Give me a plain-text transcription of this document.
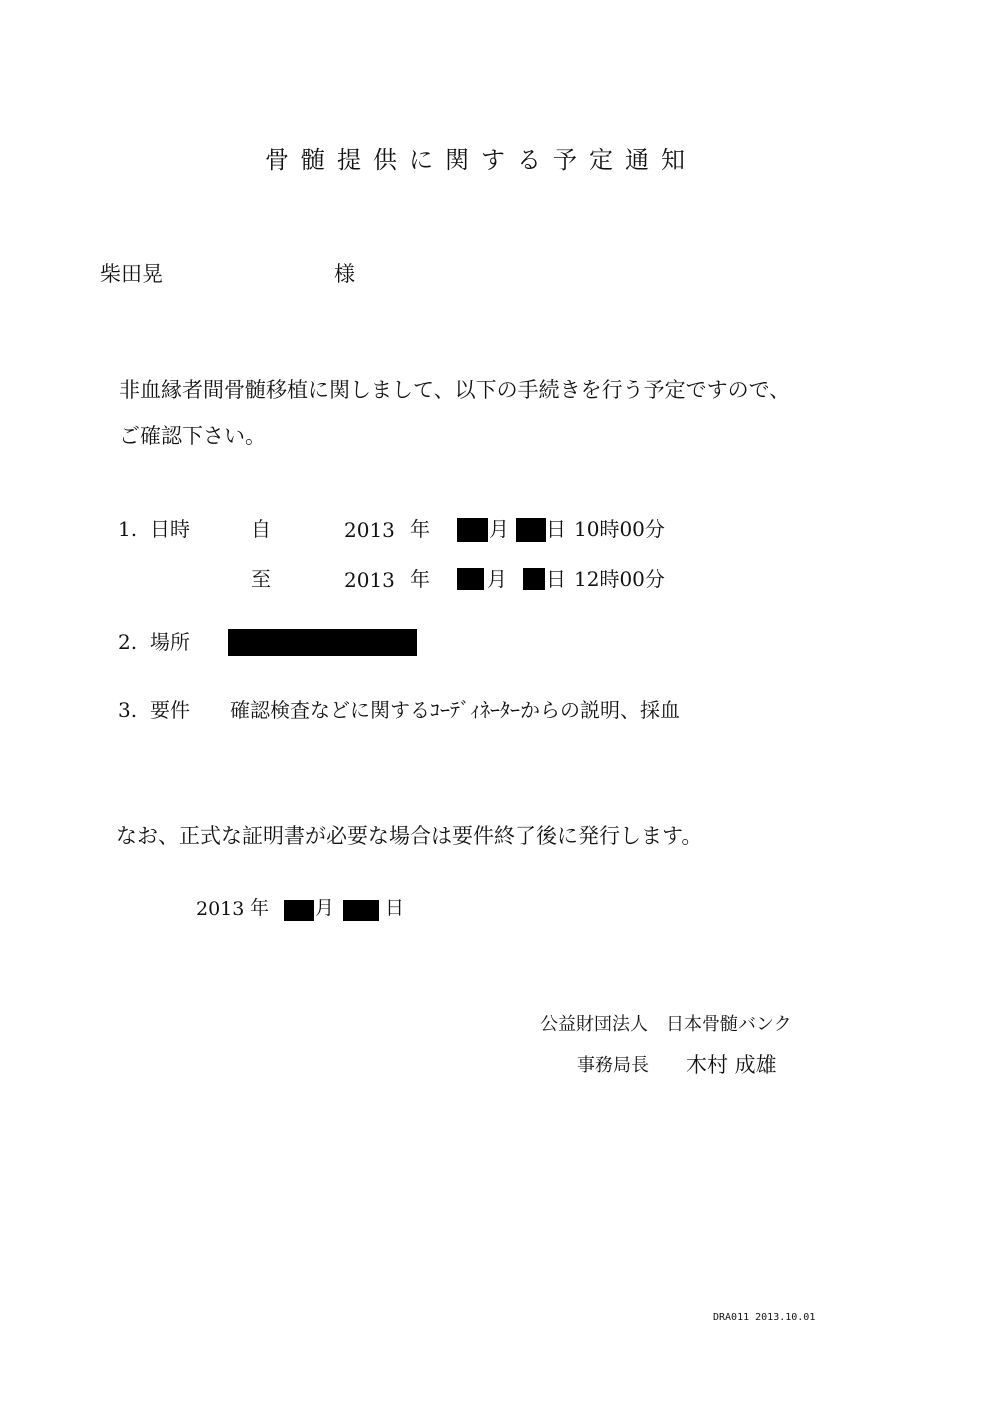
骨髄提供に関する予定通知
柴田晃	様
非血縁者間骨髄移植に関しまして、以下の手続きを行う予定ですので、
ご確認下さい。
1. 日時	自	2013 年	月 日 10時00分
至	2013 年	月 日 12時00分
2. 場所
3. 要件 確認検査などに関するｺｰﾃﾞｨﾈｰﾀｰからの説明、採血
なお、正式な証明書が必要な場合は要件終了後に発行します。
2013 年 月	日
公益財団法人　日本骨髄バンク
事務局長 木村 成雄
DRA011 2013.10.01
